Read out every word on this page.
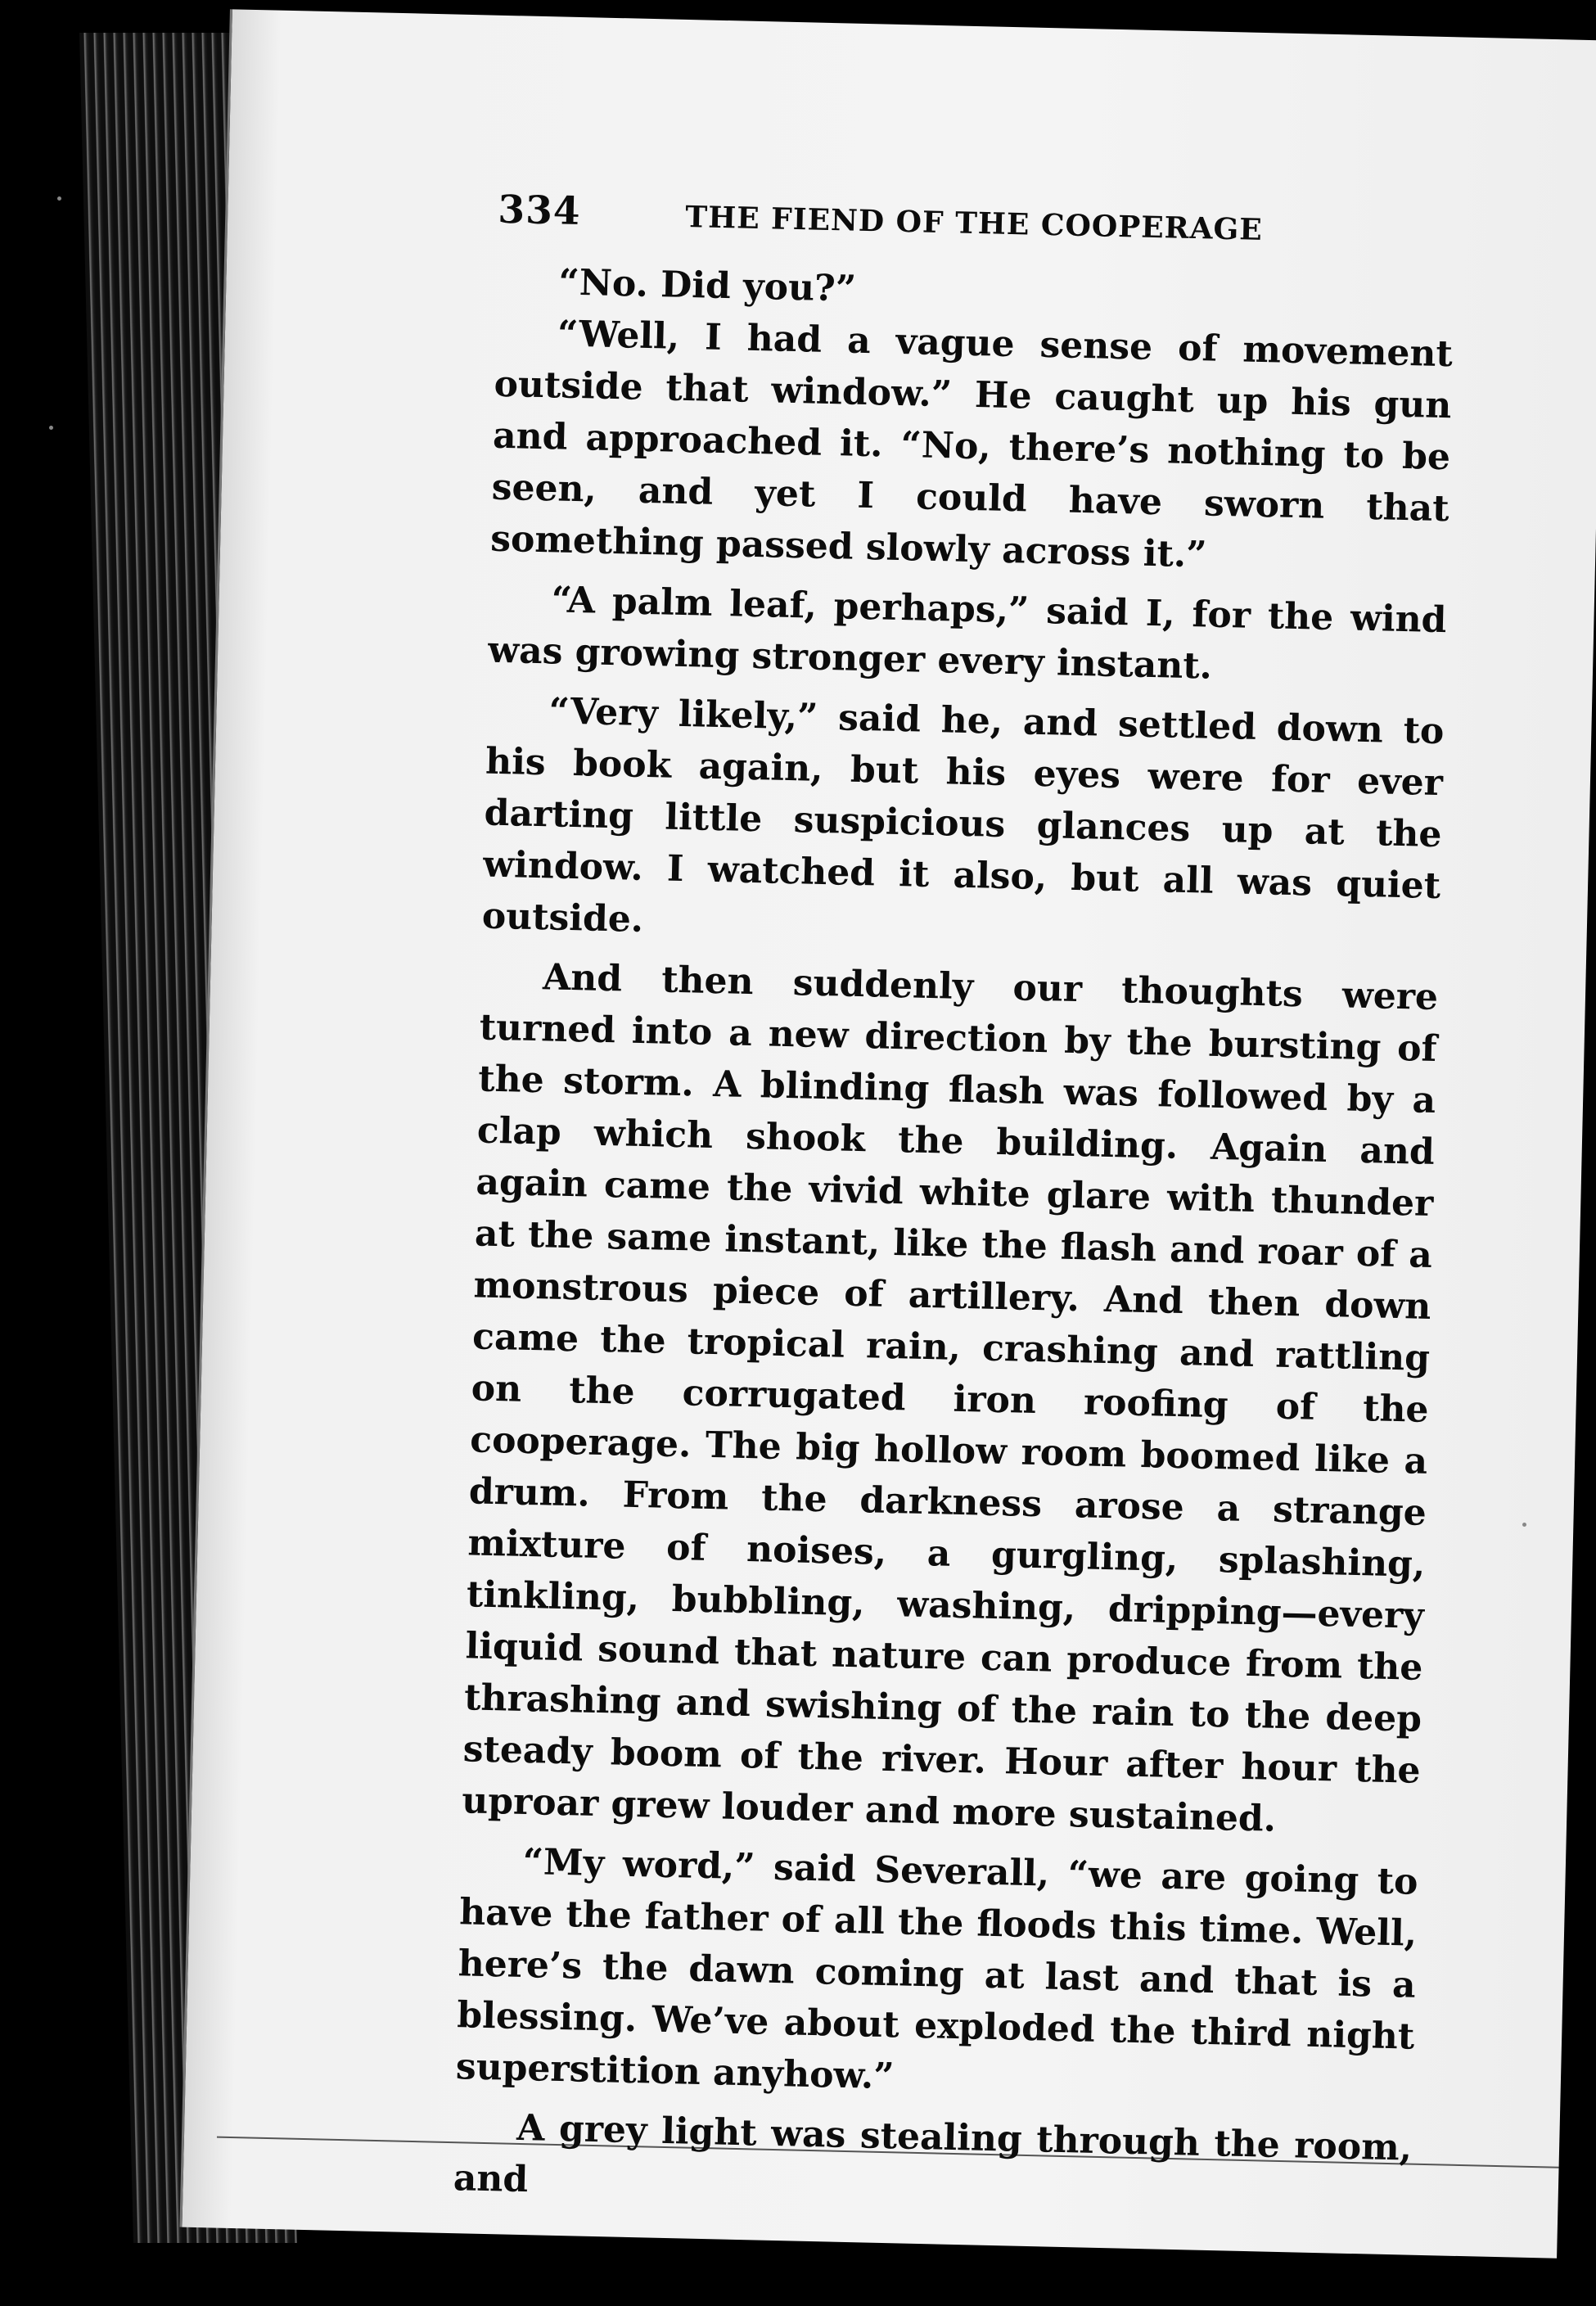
334	THE FIEND OF THE COOPERAGE

“No. Did you?”

“Well, I had a vague sense of movement outside that window.” He caught up his gun and approached it. “No, there’s nothing to be seen, and yet I could have sworn that something passed slowly across it.”

“A palm leaf, perhaps,” said I, for the wind was growing stronger every instant.

“Very likely,” said he, and settled down to his book again, but his eyes were for ever darting little suspicious glances up at the window. I watched it also, but all was quiet outside.

And then suddenly our thoughts were turned into a new direction by the bursting of the storm. A blinding flash was followed by a clap which shook the building. Again and again came the vivid white glare with thunder at the same instant, like the flash and roar of a monstrous piece of artillery. And then down came the tropical rain, crashing and rattling on the corrugated iron roofing of the cooperage. The big hollow room boomed like a drum. From the darkness arose a strange mixture of noises, a gurgling, splashing, tinkling, bubbling, washing, dripping—every liquid sound that nature can produce from the thrashing and swishing of the rain to the deep steady boom of the river. Hour after hour the uproar grew louder and more sustained.

“My word,” said Severall, “we are going to have the father of all the floods this time. Well, here’s the dawn coming at last and that is a blessing. We’ve about exploded the third night superstition anyhow.”

A grey light was stealing through the room, and
